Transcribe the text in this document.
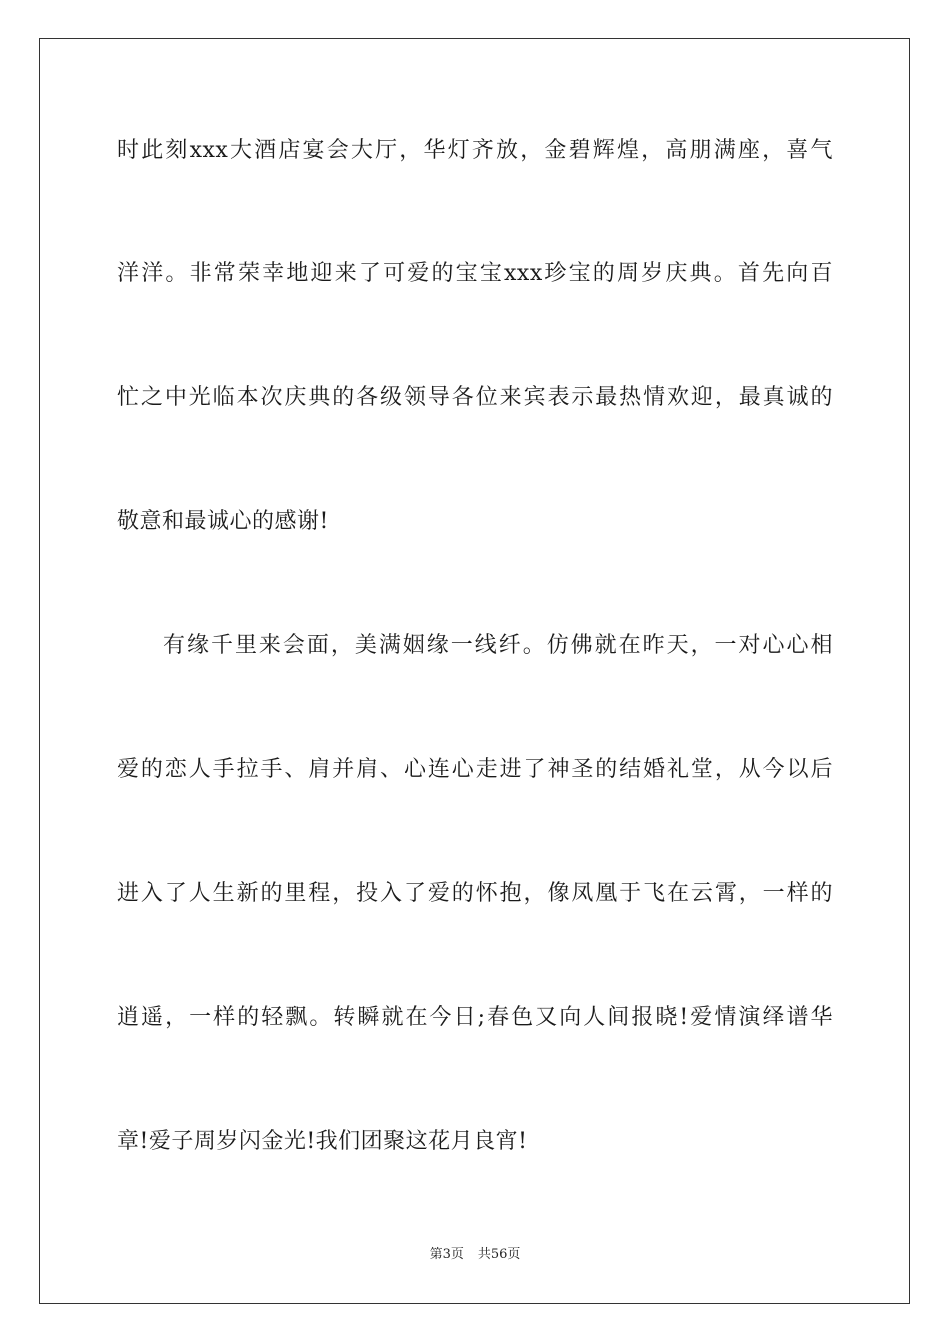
时此刻xxx大酒店宴会大厅，华灯齐放，金碧辉煌，高朋满座，喜气
洋洋。非常荣幸地迎来了可爱的宝宝xxx珍宝的周岁庆典。首先向百
忙之中光临本次庆典的各级领导各位来宾表示最热情欢迎，最真诚的
敬意和最诚心的感谢!
有缘千里来会面，美满姻缘一线纤。仿佛就在昨天，一对心心相
爱的恋人手拉手、肩并肩、心连心走进了神圣的结婚礼堂，从今以后
进入了人生新的里程，投入了爱的怀抱，像凤凰于飞在云霄，一样的
逍遥，一样的轻飘。转瞬就在今日;春色又向人间报晓!爱情演绎谱华
章!爱子周岁闪金光!我们团聚这花月良宵!
第3页 共56页
